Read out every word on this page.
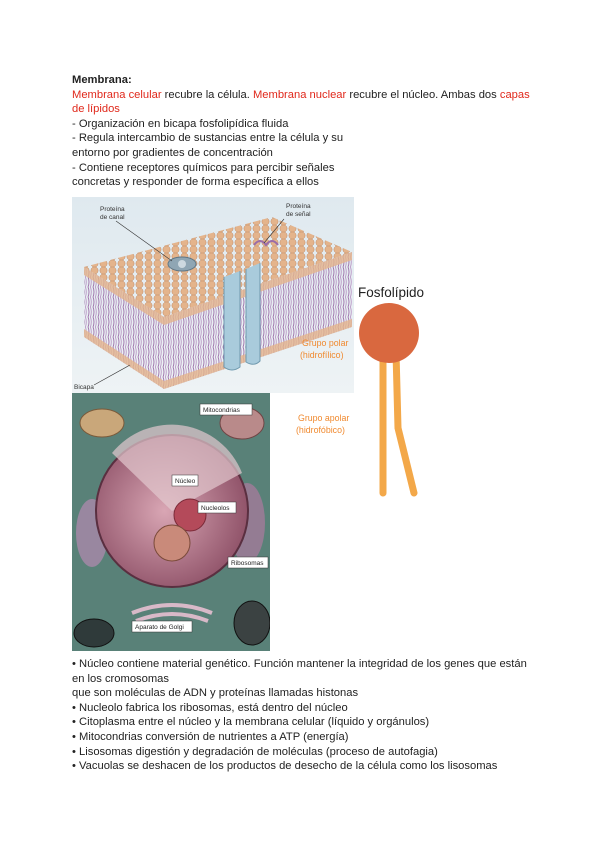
Membrana:
Membrana celular recubre la célula. Membrana nuclear recubre el núcleo. Ambas dos capas de lípidos
- Organización en bicapa fosfolipídica fluida
- Regula intercambio de sustancias entre la célula y su
entorno por gradientes de concentración
- Contiene receptores químicos para percibir señales
concretas y responder de forma específica a ellos
Proteína
de canal
Proteína
de señal
Bicapa
Mitocondrias
Núcleo
Nucleolos
Ribosomas
Aparato de Golgi
Fosfolípido
Grupo polar
(hidrofílico)
Grupo apolar
(hidrofóbico)
• Núcleo contiene material genético. Función mantener la integridad de los genes que están
en los cromosomas
que son moléculas de ADN y proteínas llamadas histonas
• Nucleolo fabrica los ribosomas, está dentro del núcleo
• Citoplasma entre el núcleo y la membrana celular (líquido y orgánulos)
• Mitocondrias conversión de nutrientes a ATP (energía)
• Lisosomas digestión y degradación de moléculas (proceso de autofagia)
• Vacuolas se deshacen de los productos de desecho de la célula como los lisosomas
